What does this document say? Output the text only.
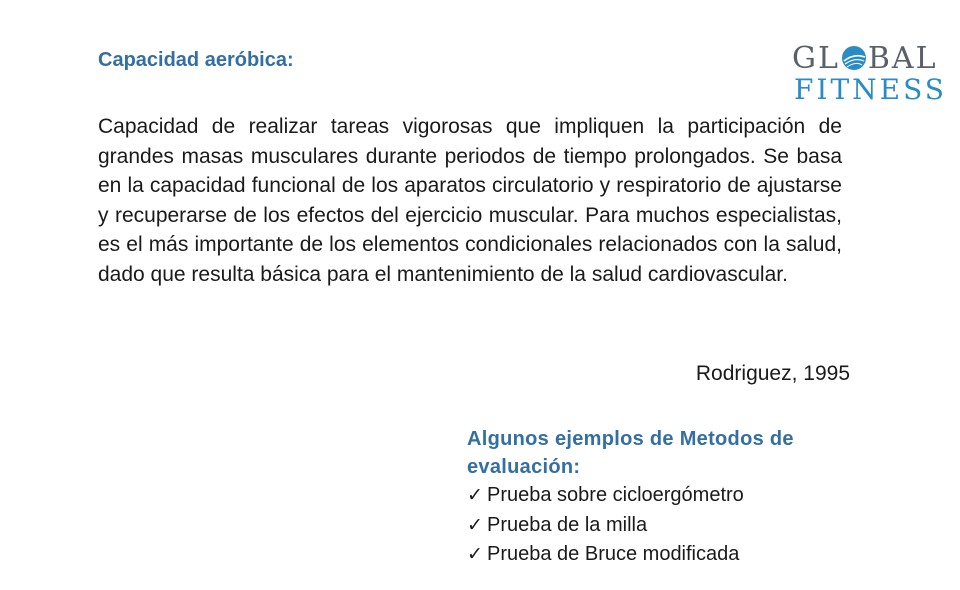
Capacidad aeróbica:	GL BAL
FITNESS

Capacidad de realizar tareas vigorosas que impliquen la participación de grandes masas musculares durante periodos de tiempo prolongados. Se basa en la capacidad funcional de los aparatos circulatorio y respiratorio de ajustarse y recuperarse de los efectos del ejercicio muscular. Para muchos especialistas, es el más importante de los elementos condicionales relacionados con la salud, dado que resulta básica para el mantenimiento de la salud cardiovascular.

Rodriguez, 1995

Algunos ejemplos de Metodos de evaluación:

✓ Prueba sobre cicloergómetro
✓ Prueba de la milla
✓ Prueba de Bruce modificada
